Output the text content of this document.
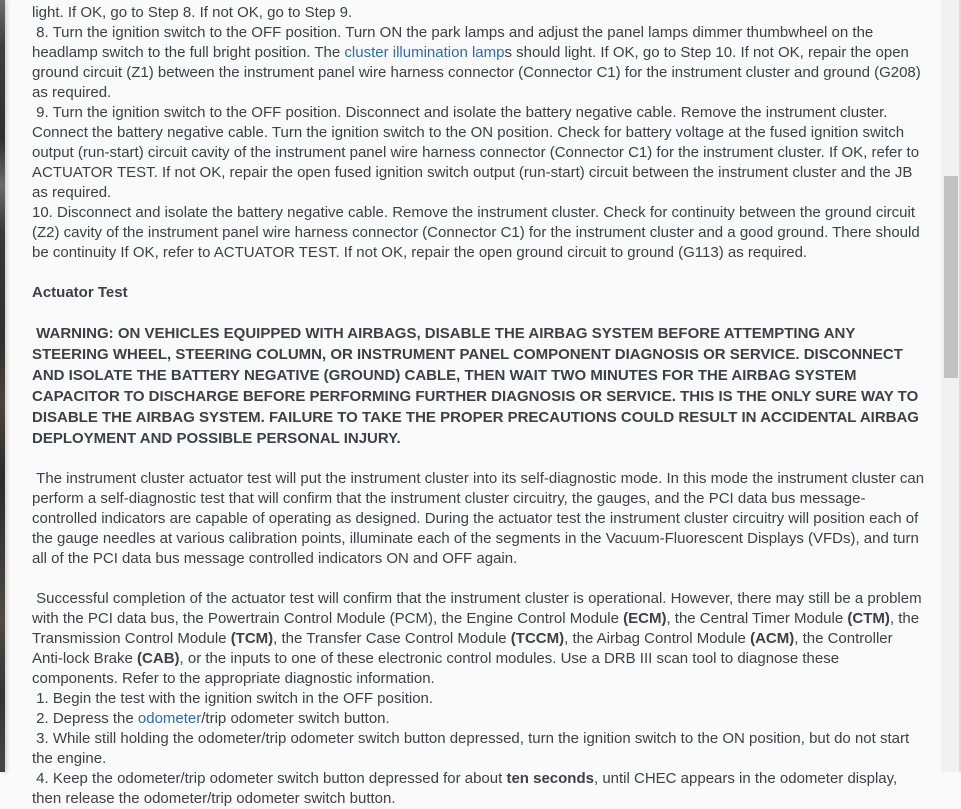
light. If OK, go to Step 8. If not OK, go to Step 9.

8. Turn the ignition switch to the OFF position. Turn ON the park lamps and adjust the panel lamps dimmer thumbwheel on the headlamp switch to the full bright position. The cluster illumination lamps should light. If OK, go to Step 10. If not OK, repair the open ground circuit (Z1) between the instrument panel wire harness connector (Connector C1) for the instrument cluster and ground (G208) as required.

9. Turn the ignition switch to the OFF position. Disconnect and isolate the battery negative cable. Remove the instrument cluster. Connect the battery negative cable. Turn the ignition switch to the ON position. Check for battery voltage at the fused ignition switch output (run-start) circuit cavity of the instrument panel wire harness connector (Connector C1) for the instrument cluster. If OK, refer to ACTUATOR TEST. If not OK, repair the open fused ignition switch output (run-start) circuit between the instrument cluster and the JB as required.

10. Disconnect and isolate the battery negative cable. Remove the instrument cluster. Check for continuity between the ground circuit (Z2) cavity of the instrument panel wire harness connector (Connector C1) for the instrument cluster and a good ground. There should be continuity If OK, refer to ACTUATOR TEST. If not OK, repair the open ground circuit to ground (G113) as required.

Actuator Test

WARNING: ON VEHICLES EQUIPPED WITH AIRBAGS, DISABLE THE AIRBAG SYSTEM BEFORE ATTEMPTING ANY STEERING WHEEL, STEERING COLUMN, OR INSTRUMENT PANEL COMPONENT DIAGNOSIS OR SERVICE. DISCONNECT AND ISOLATE THE BATTERY NEGATIVE (GROUND) CABLE, THEN WAIT TWO MINUTES FOR THE AIRBAG SYSTEM CAPACITOR TO DISCHARGE BEFORE PERFORMING FURTHER DIAGNOSIS OR SERVICE. THIS IS THE ONLY SURE WAY TO DISABLE THE AIRBAG SYSTEM. FAILURE TO TAKE THE PROPER PRECAUTIONS COULD RESULT IN ACCIDENTAL AIRBAG DEPLOYMENT AND POSSIBLE PERSONAL INJURY.

The instrument cluster actuator test will put the instrument cluster into its self-diagnostic mode. In this mode the instrument cluster can perform a self-diagnostic test that will confirm that the instrument cluster circuitry, the gauges, and the PCI data bus message-controlled indicators are capable of operating as designed. During the actuator test the instrument cluster circuitry will position each of the gauge needles at various calibration points, illuminate each of the segments in the Vacuum-Fluorescent Displays (VFDs), and turn all of the PCI data bus message controlled indicators ON and OFF again.

Successful completion of the actuator test will confirm that the instrument cluster is operational. However, there may still be a problem with the PCI data bus, the Powertrain Control Module (PCM), the Engine Control Module (ECM), the Central Timer Module (CTM), the Transmission Control Module (TCM), the Transfer Case Control Module (TCCM), the Airbag Control Module (ACM), the Controller Anti-lock Brake (CAB), or the inputs to one of these electronic control modules. Use a DRB III scan tool to diagnose these components. Refer to the appropriate diagnostic information.

1. Begin the test with the ignition switch in the OFF position.

2. Depress the odometer/trip odometer switch button.

3. While still holding the odometer/trip odometer switch button depressed, turn the ignition switch to the ON position, but do not start the engine.

4. Keep the odometer/trip odometer switch button depressed for about ten seconds, until CHEC appears in the odometer display, then release the odometer/trip odometer switch button.
